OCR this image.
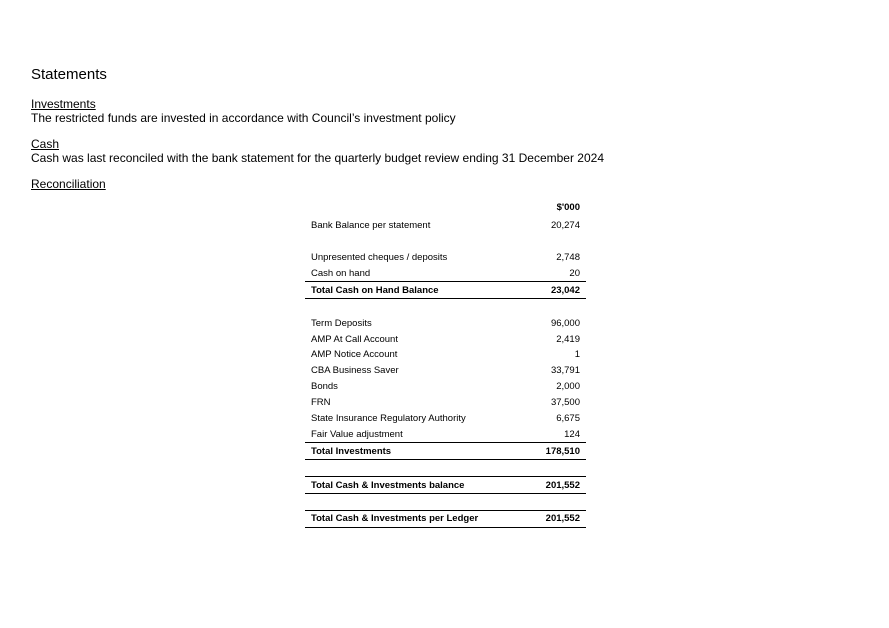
Statements
Investments
The restricted funds are invested in accordance with Council’s investment policy
Cash
Cash was last reconciled with the bank statement for the quarterly budget review ending 31 December 2024
Reconciliation
$'000
Bank Balance per statement	20,274
Unpresented cheques / deposits	2,748
Cash on hand	20
Total Cash on Hand Balance	23,042
Term Deposits	96,000
AMP At Call Account	2,419
AMP Notice Account	1
CBA Business Saver	33,791
Bonds	2,000
FRN	37,500
State Insurance Regulatory Authority	6,675
Fair Value adjustment	124
Total Investments	178,510
Total Cash & Investments balance	201,552
Total Cash & Investments per Ledger	201,552
